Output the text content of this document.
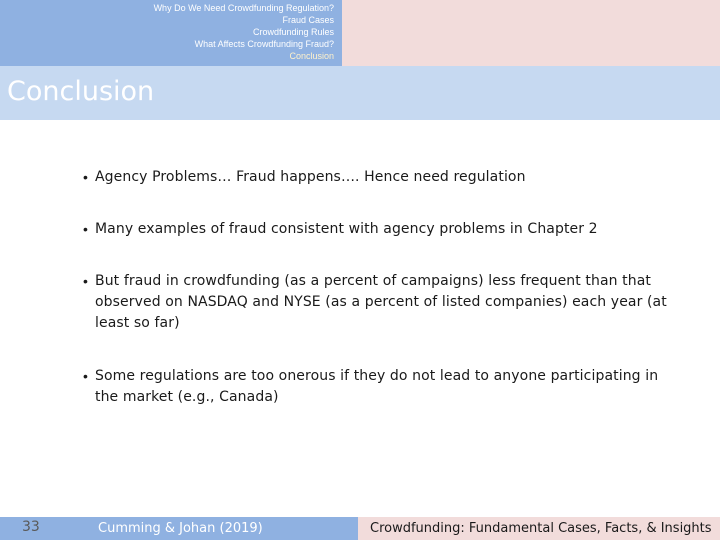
Why Do We Need Crowdfunding Regulation?
Fraud Cases
Crowdfunding Rules
What Affects Crowdfunding Fraud?
Conclusion
Conclusion
• Agency Problems… Fraud happens…. Hence need regulation
• Many examples of fraud consistent with agency problems in Chapter 2
• But fraud in crowdfunding (as a percent of campaigns) less frequent than that observed on NASDAQ and NYSE (as a percent of listed companies) each year (at least so far)
• Some regulations are too onerous if they do not lead to anyone participating in the market (e.g., Canada)
33	Cumming & Johan (2019)	Crowdfunding: Fundamental Cases, Facts, & Insights
